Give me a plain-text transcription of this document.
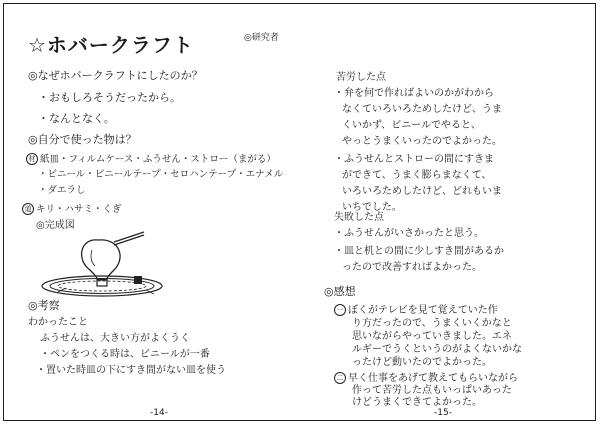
☆ホバークラフト	◎研究者
◎なぜホバークラフトにしたのか？
・おもしろそうだったから。
・なんとなく。
◎自分で使った物は？
材 紙皿・フィルムケース・ふうせん・ストロー（まがる）
・ビニール・ビニールテープ・セロハンテープ・エナメル
・ダエラし
道 キリ・ハサミ・くぎ
◎完成図
◎考察
わかったこと
ふうせんは、大きい方がよくうく
・ペンをつくる時は、ビニールが一番
・置いた時皿の下にすき間がない皿を使う
-14-
苦労した点
・弁を何で作ればよいのかがわから
なくていろいろためしたけど、うま
くいかず、ビニールでやると、
やっとうまくいったのでよかった。
・ふうせんとストローの間にすきま
ができて、うまく膨らまなくて、
いろいろためしたけど、どれもいま
いちでした。
失敗した点
・ふうせんがいさかったと思う。
・皿と机との間に少しすき間があるか
ったので改善すればよかった。
◎感想
一 ぼくがテレビを見て覚えていた作
り方だったので、うまくいくかなと
思いながらやっていきました。エネ
ルギーでうくというのがよくないかな
ったけど動いたのでよかった。
二 早く仕事をあげて教えてもらいながら
-15-
作って苦労した点もいっぱいあった
けどうまくできてよかった。
